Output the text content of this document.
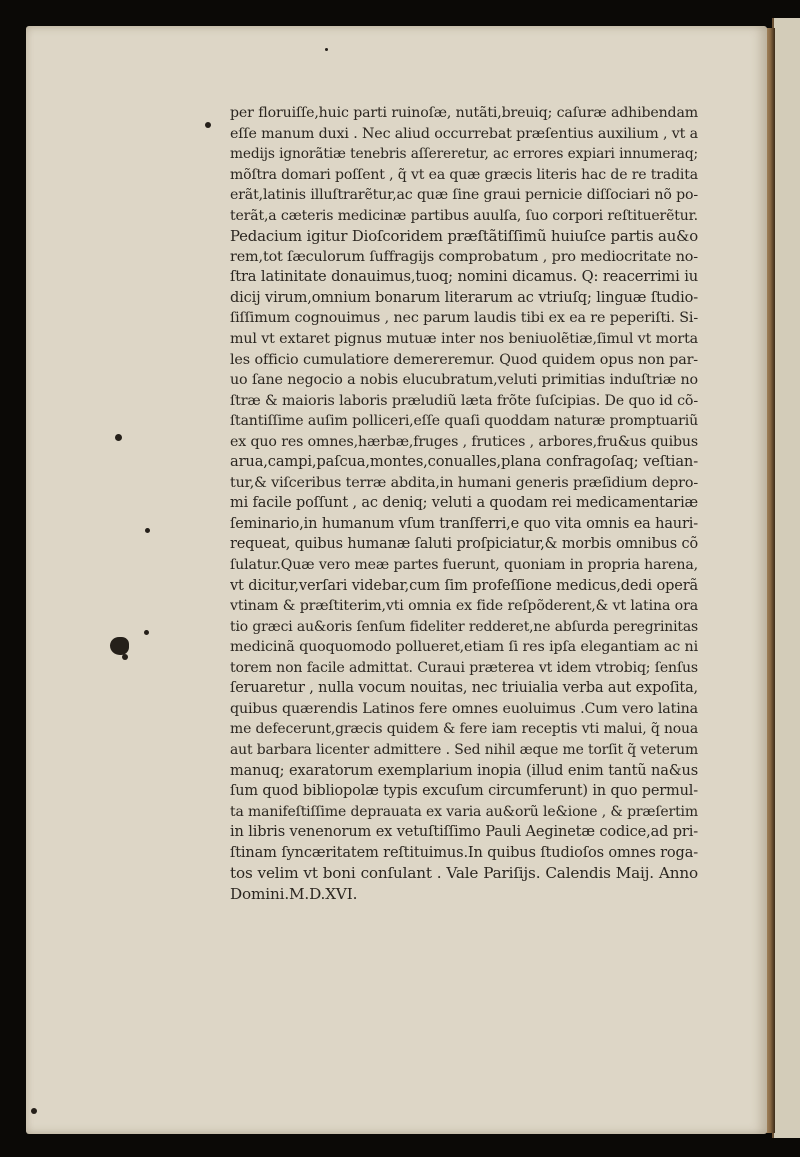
per floruiſſe,huic parti ruinoſæ, nutãti,breuiq; caſuræ adhibendam
eſſe manum duxi . Nec aliud occurrebat præſentius auxilium , vt a
medijs ignorãtiæ tenebris aſſereretur, ac errores expiari innumeraq;
mõſtra domari poſſent , q̃ vt ea quæ græcis literis hac de re tradita
erãt,latinis illuſtrarẽtur,ac quæ ſine graui pernicie diſſociari nõ po-
terãt,a cæteris medicinæ partibus auulſa, ſuo corpori reſtituerẽtur.
Pedacium igitur Dioſcoridem præſtãtiſſimũ huiuſce partis au&o
rem,tot ſæculorum ſuffragijs comprobatum , pro mediocritate no-
ſtra latinitate donauimus,tuoq; nomini dicamus. Q: reacerrimi iu
dicij virum,omnium bonarum literarum ac vtriuſq; linguæ ſtudio-
ſiſſimum cognouimus , nec parum laudis tibi ex ea re peperiſti. Si-
mul vt extaret pignus mutuæ inter nos beniuolẽtiæ,ſimul vt morta
les officio cumulatiore demereremur. Quod quidem opus non par-
uo ſane negocio a nobis elucubratum,veluti primitias induſtriæ no
ſtræ & maioris laboris præludiũ læta frõte ſuſcipias. De quo id cõ-
ſtantiſſime auſim polliceri,eſſe quaſi quoddam naturæ promptuariũ
ex quo res omnes,hærbæ,fruges , frutices , arbores,fru&us quibus
arua,campi,paſcua,montes,conualles,plana confragoſaq; veſtian-
tur,& viſceribus terræ abdita,in humani generis præſidium depro-
mi facile poſſunt , ac deniq; veluti a quodam rei medicamentariæ
ſeminario,in humanum vſum tranſferri,e quo vita omnis ea hauri-
requeat, quibus humanæ ſaluti proſpiciatur,& morbis omnibus cõ
ſulatur.Quæ vero meæ partes fuerunt, quoniam in propria harena,
vt dicitur,verſari videbar,cum ſim profeſſione medicus,dedi operã
vtinam & præſtiterim,vti omnia ex fide reſpõderent,& vt latina ora
tio græci au&oris ſenſum fideliter redderet,ne abſurda peregrinitas
medicinã quoquomodo pollueret,etiam ſi res ipſa elegantiam ac ni
torem non facile admittat. Curaui præterea vt idem vtrobiq; ſenſus
ſeruaretur , nulla vocum nouitas, nec triuialia verba aut expoſita,
quibus quærendis Latinos fere omnes euoluimus .Cum vero latina
me defecerunt,græcis quidem & fere iam receptis vti malui, q̃ noua
aut barbara licenter admittere . Sed nihil æque me torſit q̃ veterum
manuq; exaratorum exemplarium inopia (illud enim tantũ na&us
ſum quod bibliopolæ typis excuſum circumferunt) in quo permul-
ta manifeſtiſſime deprauata ex varia au&orũ le&ione , & præſertim
in libris venenorum ex vetuſtiſſimo Pauli Aeginetæ codice,ad pri-
ſtinam ſyncæritatem reſtituimus.In quibus ſtudioſos omnes roga-
tos velim vt boni conſulant . Vale Pariſijs. Calendis Maij. Anno
Domini.M.D.XVI.
